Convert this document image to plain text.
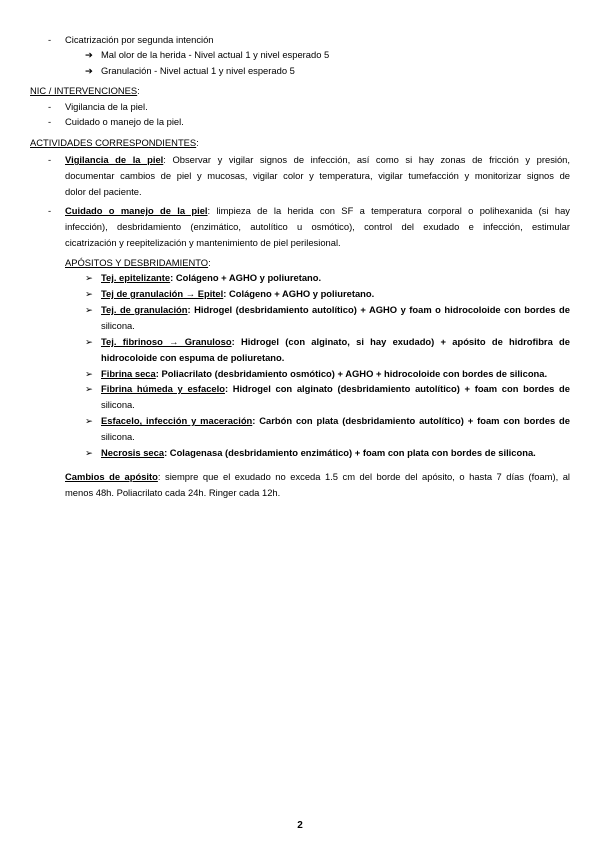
-	Cicatrización por segunda intención
➔ Mal olor de la herida - Nivel actual 1 y nivel esperado 5
➔ Granulación - Nivel actual 1 y nivel esperado 5
NIC / INTERVENCIONES:
-	Vigilancia de la piel.
-	Cuidado o manejo de la piel.
ACTIVIDADES CORRESPONDIENTES:
-	Vigilancia de la piel: Observar y vigilar signos de infección, así como si hay zonas de fricción y presión,
documentar cambios de piel y mucosas, vigilar color y temperatura, vigilar tumefacción y monitorizar signos de
dolor del paciente.
-	Cuidado o manejo de la piel: limpieza de la herida con SF a temperatura corporal o polihexanida (si hay
infección), desbridamiento (enzimático, autolítico u osmótico), control del exudado e infección, estimular
cicatrización y reepitelización y mantenimiento de piel perilesional.
APÓSITOS Y DESBRIDAMIENTO:
➢ Tej. epitelizante: Colágeno + AGHO y poliuretano.
➢ Tej de granulación → Epitel: Colágeno + AGHO y poliuretano.
➢ Tej. de granulación: Hidrogel (desbridamiento autolítico) + AGHO y foam o hidrocoloide con bordes de
silicona.
➢ Tej. fibrinoso → Granuloso: Hidrogel (con alginato, si hay exudado) + apósito de hidrofibra de
hidrocoloide con espuma de poliuretano.
➢ Fibrina seca: Poliacrilato (desbridamiento osmótico) + AGHO + hidrocoloide con bordes de silicona.
➢ Fibrina húmeda y esfacelo: Hidrogel con alginato (desbridamiento autolítico) + foam con bordes de
silicona.
➢ Esfacelo, infección y maceración: Carbón con plata (desbridamiento autolítico) + foam con bordes de
silicona.
➢ Necrosis seca: Colagenasa (desbridamiento enzimático) + foam con plata con bordes de silicona.
Cambios de apósito: siempre que el exudado no exceda 1.5 cm del borde del apósito, o hasta 7 días (foam), al
menos 48h. Poliacrilato cada 24h. Ringer cada 12h.
2
